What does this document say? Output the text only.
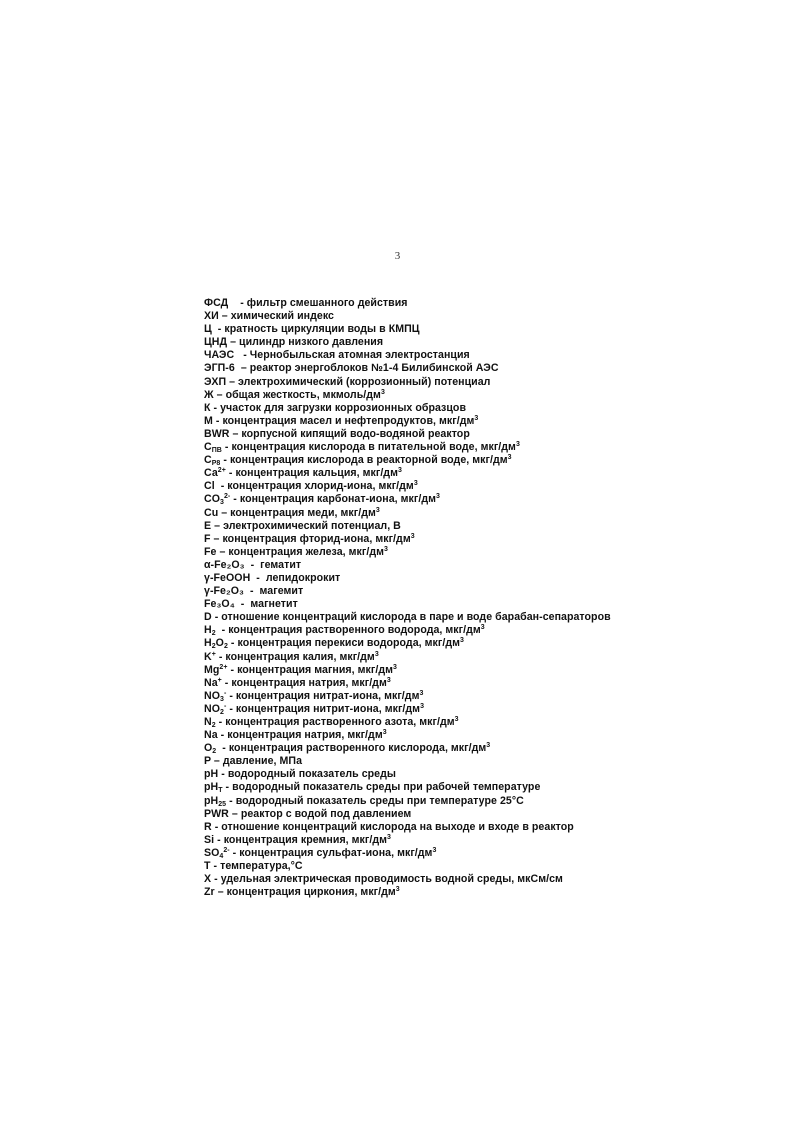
3
ФСД    - фильтр смешанного действия
ХИ – химический индекс
Ц  - кратность циркуляции воды в КМПЦ
ЦНД – цилиндр низкого давления
ЧАЭС   - Чернобыльская атомная электростанция
ЭГП-6  – реактор энергоблоков №1-4 Билибинской АЭС
ЭХП – электрохимический (коррозионный) потенциал
Ж – общая жесткость, мкмоль/$дм^3$
К - участок для загрузки коррозионных образцов
М - концентрация масел и нефтепродуктов, мкг/$дм^3$
BWR – корпусной кипящий водо-водяной реактор
$С_{ПВ}$ - концентрация кислорода в питательной воде, мкг/$дм^3$
$С_{Р8}$ - концентрация кислорода в реакторной воде, мкг/$дм^3$
$Са^{2+}$ - концентрация кальция, мкг/$дм^3$
Cl  - концентрация хлорид-иона, мкг/$дм^3$
$CO_3^{2-}$ - концентрация карбонат-иона, мкг/$дм^3$
Cu – концентрация меди, мкг/$дм^3$
Е – электрохимический потенциал, В
F – концентрация фторид-иона, мкг/$дм^3$
Fe – концентрация железа, мкг/$дм^3$
α-Fe₂O₃  -  гематит
γ-FeOOH  -  лепидокрокит
γ-Fe₂O₃  -  магемит
Fe₃O₄  -  магнетит
D - отношение концентраций кислорода в паре и воде барабан-сепараторов
$H_2$  - концентрация растворенного водорода, мкг/$дм^3$
$H_2O_2$ - концентрация перекиси водорода, мкг/$дм^3$
K+ - концентрация калия, мкг/$дм^3$
$Mg^{2+}$ - концентрация магния, мкг/$дм^3$
Na+ - концентрация натрия, мкг/$дм^3$
$NO_3^-$ - концентрация нитрат-иона, мкг/$дм^3$
$NO_2^-$ - концентрация нитрит-иона, мкг/$дм^3$
$N_2$ - концентрация растворенного азота, мкг/$дм^3$
Na - концентрация натрия, мкг/$дм^3$
$O_2$  - концентрация растворенного кислорода, мкг/$дм^3$
P – давление, МПа
pH - водородный показатель среды
$pH_T$ - водородный показатель среды при рабочей температуре
$pH_{25}$ - водородный показатель среды при температуре 25°С
PWR – реактор с водой под давлением
R - отношение концентраций кислорода на выходе и входе в реактор
Si - концентрация кремния, мкг/$дм^3$
$SO_4^{2-}$ - концентрация сульфат-иона, мкг/$дм^3$
T - температура,°С
X - удельная электрическая проводимость водной среды, мкСм/см
Zr – концентрация циркония, мкг/$дм^3$
